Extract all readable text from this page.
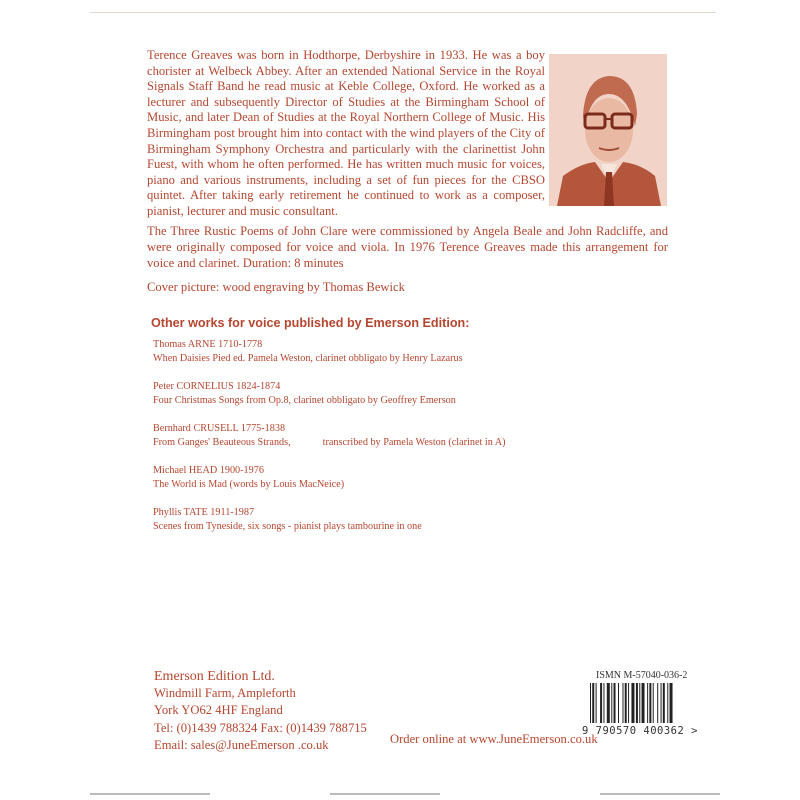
Terence Greaves was born in Hodthorpe, Derbyshire in 1933. He was a boy chorister at Welbeck Abbey. After an extended National Service in the Royal Signals Staff Band he read music at Keble College, Oxford. He worked as a lecturer and subsequently Director of Studies at the Birmingham School of Music, and later Dean of Studies at the Royal Northern College of Music. His Birmingham post brought him into contact with the wind players of the City of Birmingham Symphony Orchestra and particularly with the clarinettist John Fuest, with whom he often performed. He has written much music for voices, piano and various instruments, including a set of fun pieces for the CBSO quintet. After taking early retirement he continued to work as a composer, pianist, lecturer and music consultant.

The Three Rustic Poems of John Clare were commissioned by Angela Beale and John Radcliffe, and were originally composed for voice and viola. In 1976 Terence Greaves made this arrangement for voice and clarinet. Duration: 8 minutes

Cover picture: wood engraving by Thomas Bewick

Other works for voice published by Emerson Edition:

Thomas ARNE 1710-1778
When Daisies Pied ed. Pamela Weston, clarinet obbligato by Henry Lazarus
Peter CORNELIUS 1824-1874
Four Christmas Songs from Op.8, clarinet obbligato by Geoffrey Emerson
Bernhard CRUSELL 1775-1838
From Ganges' Beauteous Strands,	transcribed by Pamela Weston (clarinet in A)
Michael HEAD 1900-1976
The World is Mad (words by Louis MacNeice)
Phyllis TATE 1911-1987
Scenes from Tyneside, six songs - pianist plays tambourine in one
Emerson Edition Ltd.
Windmill Farm, Ampleforth
York YO62 4HF England
Tel: (0)1439 788324 Fax: (0)1439 788715
Email: sales@JuneEmerson .co.uk	Order online at www.JuneEmerson.co.uk

ISMN M-57040-036-2
9 790570 400362 >
